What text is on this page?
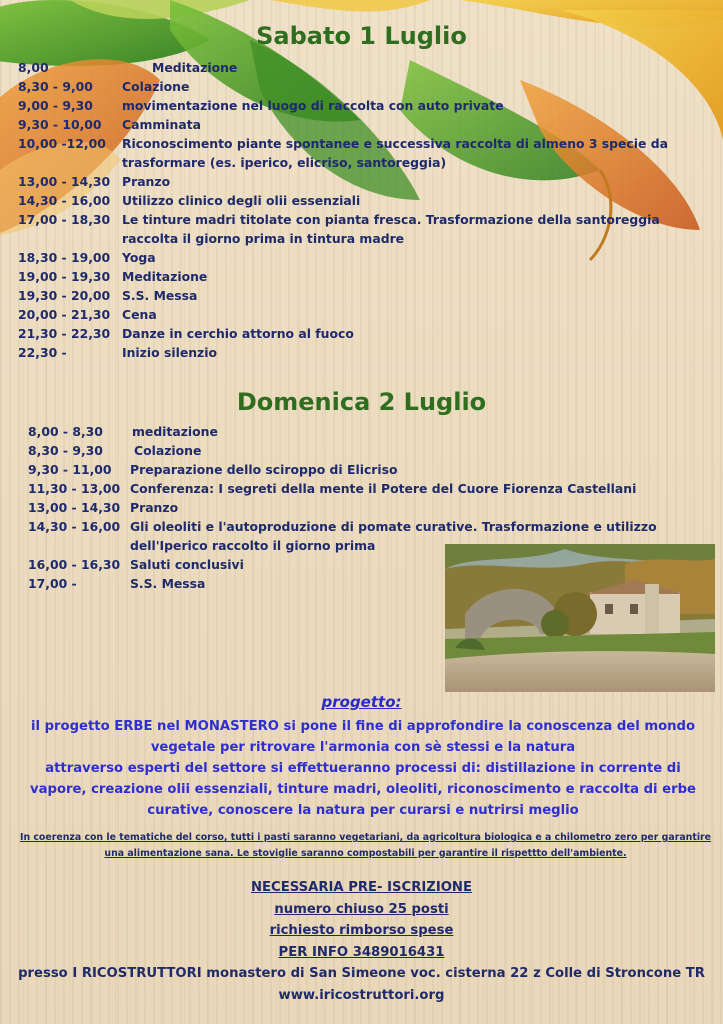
Sabato 1 Luglio
8,00	Meditazione
8,30 - 9,00	Colazione
9,00 - 9,30	movimentazione nel luogo di raccolta con auto private
9,30 - 10,00	Camminata
10,00 -12,00	Riconoscimento piante spontanee e successiva raccolta di almeno 3 specie da trasformare (es. iperico, elicriso, santoreggia)
13,00 - 14,30 Pranzo
14,30 - 16,00 Utilizzo clinico degli olii essenziali
17,00 - 18,30 Le tinture madri titolate con pianta fresca. Trasformazione della santoreggia raccolta il giorno prima in tintura madre
18,30 - 19,00 Yoga
19,00 - 19,30 Meditazione
19,30 - 20,00 S.S. Messa
20,00 - 21,30 Cena
21,30 - 22,30 Danze in cerchio attorno al fuoco
22,30 -	Inizio silenzio
Domenica 2 Luglio
8,00 - 8,30	meditazione
8,30 - 9,30	Colazione
9,30 - 11,00	Preparazione dello sciroppo di Elicriso
11,30 - 13,00 Conferenza: I segreti della mente il Potere del Cuore Fiorenza Castellani
13,00 - 14,30 Pranzo
14,30 - 16,00 Gli oleoliti e l'autoproduzione di pomate curative. Trasformazione e utilizzo dell'Iperico raccolto il giorno prima
16,00 - 16,30 Saluti conclusivi
17,00 -	S.S. Messa
progetto:
il progetto ERBE nel MONASTERO si pone il fine di approfondire la conoscenza del mondo vegetale per ritrovare l'armonia con sè stessi e la natura
attraverso esperti del settore si effettueranno processi di: distillazione in corrente di vapore, creazione olii essenziali, tinture madri, oleoliti, riconoscimento e raccolta di erbe curative, conoscere la natura per curarsi e nutrirsi meglio

In coerenza con le tematiche del corso, tutti i pasti saranno vegetariani, da agricoltura biologica e a chilometro zero per garantire una alimentazione sana. Le stoviglie saranno compostabili per garantire il rispettto dell'ambiente.

NECESSARIA PRE- ISCRIZIONE
numero chiuso 25 posti
richiesto rimborso spese
PER INFO 3489016431
presso I RICOSTRUTTORI monastero di San Simeone voc. cisterna 22 z Colle di Stroncone TR
www.iricostruttori.org
